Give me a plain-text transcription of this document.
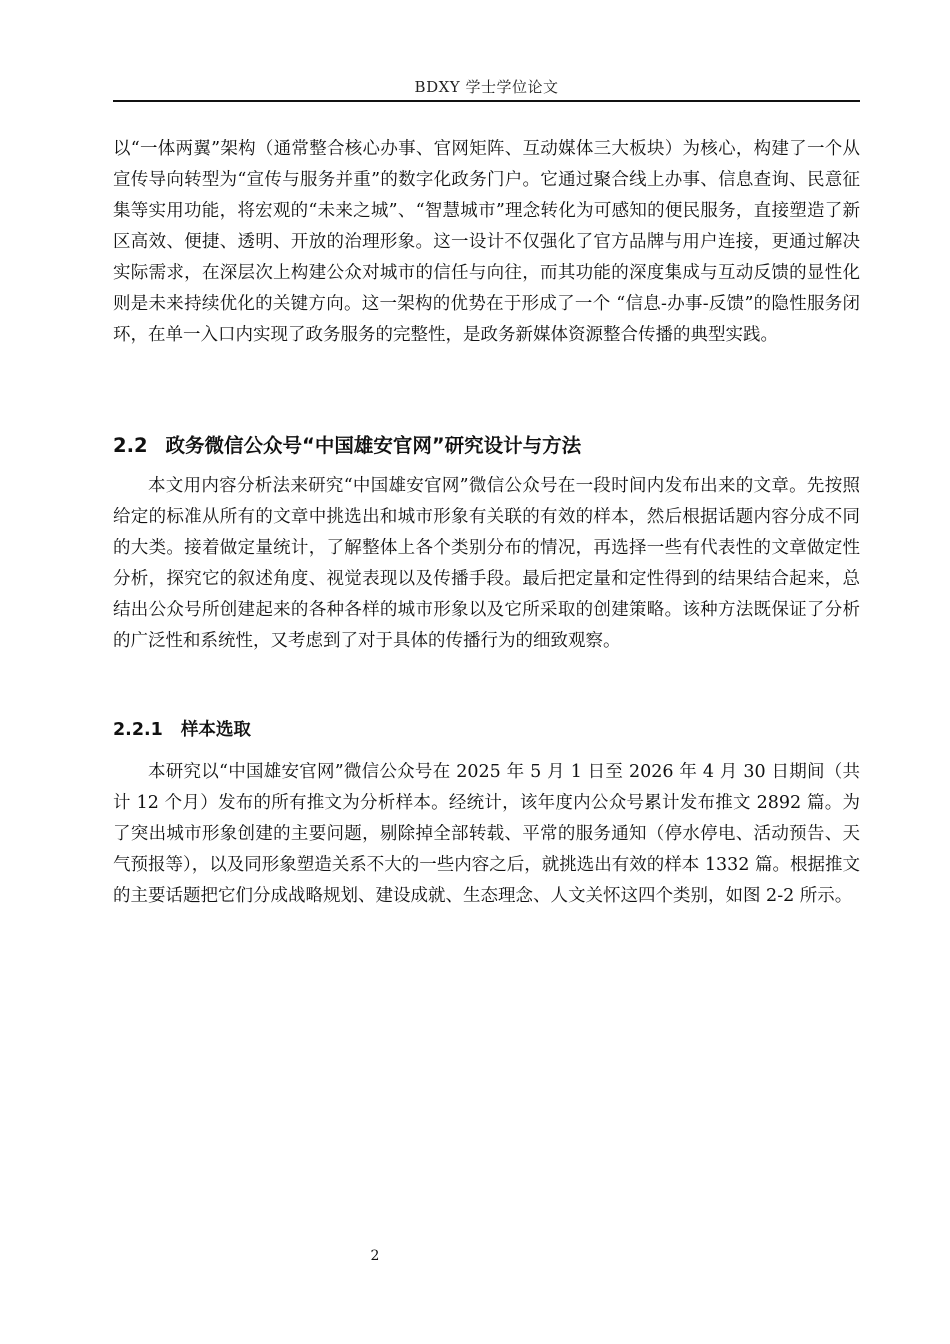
BDXY 学士学位论文

以“一体两翼”架构（通常整合核心办事、官网矩阵、互动媒体三大板块）为核心，构建了一个从宣传导向转型为“宣传与服务并重”的数字化政务门户。它通过聚合线上办事、信息查询、民意征集等实用功能，将宏观的“未来之城”、“智慧城市”理念转化为可感知的便民服务，直接塑造了新区高效、便捷、透明、开放的治理形象。这一设计不仅强化了官方品牌与用户连接，更通过解决实际需求，在深层次上构建公众对城市的信任与向往，而其功能的深度集成与互动反馈的显性化则是未来持续优化的关键方向。这一架构的优势在于形成了一个 “信息-办事-反馈”的隐性服务闭环，在单一入口内实现了政务服务的完整性，是政务新媒体资源整合传播的典型实践。

2.2 政务微信公众号“中国雄安官网”研究设计与方法

本文用内容分析法来研究“中国雄安官网”微信公众号在一段时间内发布出来的文章。先按照给定的标准从所有的文章中挑选出和城市形象有关联的有效的样本，然后根据话题内容分成不同的大类。接着做定量统计，了解整体上各个类别分布的情况，再选择一些有代表性的文章做定性分析，探究它的叙述角度、视觉表现以及传播手段。最后把定量和定性得到的结果结合起来，总结出公众号所创建起来的各种各样的城市形象以及它所采取的创建策略。该种方法既保证了分析的广泛性和系统性，又考虑到了对于具体的传播行为的细致观察。

2.2.1 样本选取

本研究以“中国雄安官网”微信公众号在 2025 年 5 月 1 日至 2026 年 4 月 30 日期间（共计 12 个月）发布的所有推文为分析样本。经统计，该年度内公众号累计发布推文 2892 篇。为了突出城市形象创建的主要问题，剔除掉全部转载、平常的服务通知（停水停电、活动预告、天气预报等），以及同形象塑造关系不大的一些内容之后，就挑选出有效的样本 1332 篇。根据推文的主要话题把它们分成战略规划、建设成就、生态理念、人文关怀这四个类别，如图 2-2 所示。

2
